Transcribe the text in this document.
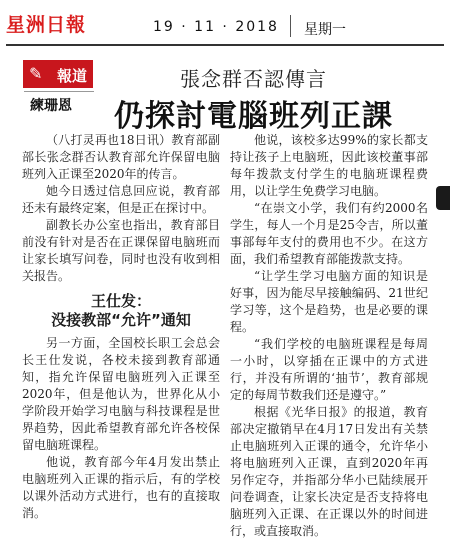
星洲日報	19 · 11 · 2018 星期一
✎ 報道
練珊恩
張念群否認傳言
仍探討電腦班列正課

（八打灵再也18日讯）教育部副部长张念群否认教育部允许保留电脑班列入正课至2020年的传言。

她今日透过信息回应说，教育部还未有最终定案，但是正在探讨中。

副教长办公室也指出，教育部目前没有针对是否在正课保留电脑班而让家长填写问卷，同时也没有收到相关报告。

王仕发：
没接教部“允许”通知

另一方面，全国校长职工会总会长王仕发说，各校未接到教育部通知，指允许保留电脑班列入正课至2020年，但是他认为，世界化从小学阶段开始学习电脑与科技课程是世界趋势，因此希望教育部允许各校保留电脑班课程。

他说，教育部今年4月发出禁止电脑班列入正课的指示后，有的学校以课外活动方式进行，也有的直接取消。

他说，该校多达99%的家长都支持让孩子上电脑班，因此该校董事部每年拨款支付学生的电脑班课程费用，以让学生免费学习电脑。

“在崇文小学，我们有约2000名学生，每人一个月是25令吉，所以董事部每年支付的费用也不少。在这方面，我们希望教育部能拨款支持。

“让学生学习电脑方面的知识是好事，因为能尽早接触编码、21世纪学习等，这个是趋势，也是必要的课程。

“我们学校的电脑班课程是每周一小时，以穿插在正课中的方式进行，并没有所谓的‘抽节’，教育部规定的每周节数我们还是遵守。”

根据《光华日报》的报道，教育部决定撤销早在4月17日发出有关禁止电脑班列入正课的通令，允许华小将电脑班列入正课，直到2020年再另作定夺，并指部分华小已陆续展开问卷调查，让家长决定是否支持将电脑班列入正课、在正课以外的时间进行，或直接取消。
